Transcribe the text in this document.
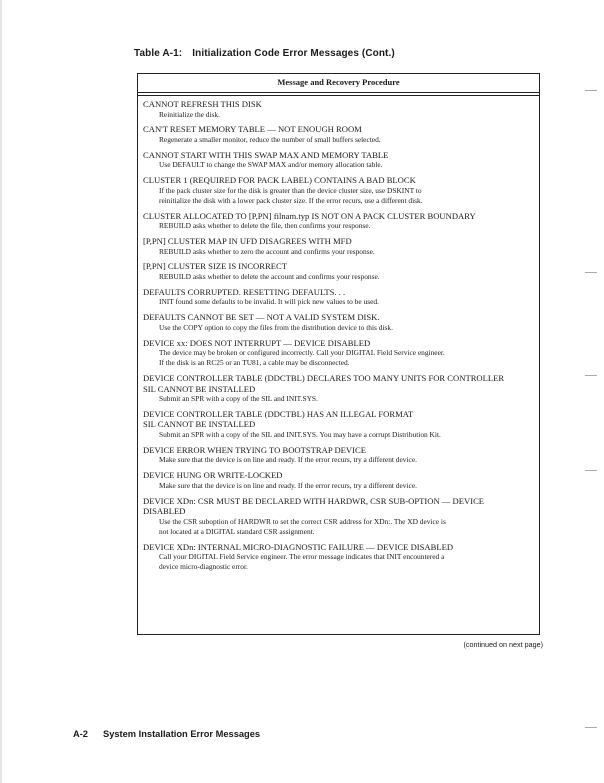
Table A-1: Initialization Code Error Messages (Cont.)
Message and Recovery Procedure
CANNOT REFRESH THIS DISK
Reinitialize the disk.
CAN'T RESET MEMORY TABLE — NOT ENOUGH ROOM
Regenerate a smaller monitor, reduce the number of small buffers selected.
CANNOT START WITH THIS SWAP MAX AND MEMORY TABLE
Use DEFAULT to change the SWAP MAX and/or memory allocation table.
CLUSTER 1 (REQUIRED FOR PACK LABEL) CONTAINS A BAD BLOCK
If the pack cluster size for the disk is greater than the device cluster size, use DSKINT to
reinitialize the disk with a lower pack cluster size. If the error recurs, use a different disk.
CLUSTER ALLOCATED TO [P,PN] filnam.typ IS NOT ON A PACK CLUSTER BOUNDARY
REBUILD asks whether to delete the file, then confirms your response.
[P,PN] CLUSTER MAP IN UFD DISAGREES WITH MFD
REBUILD asks whether to zero the account and confirms your response.
[P,PN] CLUSTER SIZE IS INCORRECT
REBUILD asks whether to delete the account and confirms your response.
DEFAULTS CORRUPTED. RESETTING DEFAULTS. . .
INIT found some defaults to be invalid. It will pick new values to be used.
DEFAULTS CANNOT BE SET — NOT A VALID SYSTEM DISK.
Use the COPY option to copy the files from the distribution device to this disk.
DEVICE xx: DOES NOT INTERRUPT — DEVICE DISABLED
The device may be broken or configured incorrectly. Call your DIGITAL Field Service engineer.
If the disk is an RC25 or an TU81, a cable may be disconnected.
DEVICE CONTROLLER TABLE (DDCTBL) DECLARES TOO MANY UNITS FOR CONTROLLER
SIL CANNOT BE INSTALLED
Submit an SPR with a copy of the SIL and INIT.SYS.
DEVICE CONTROLLER TABLE (DDCTBL) HAS AN ILLEGAL FORMAT
SIL CANNOT BE INSTALLED
Submit an SPR with a copy of the SIL and INIT.SYS. You may have a corrupt Distribution Kit.
DEVICE ERROR WHEN TRYING TO BOOTSTRAP DEVICE
Make sure that the device is on line and ready. If the error recurs, try a different device.
DEVICE HUNG OR WRITE-LOCKED
Make sure that the device is on line and ready. If the error recurs, try a different device.
DEVICE XDn: CSR MUST BE DECLARED WITH HARDWR, CSR SUB-OPTION — DEVICE
DISABLED
Use the CSR suboption of HARDWR to set the correct CSR address for XDn:. The XD device is
not located at a DIGITAL standard CSR assignment.
DEVICE XDn: INTERNAL MICRO-DIAGNOSTIC FAILURE — DEVICE DISABLED
Call your DIGITAL Field Service engineer. The error message indicates that INIT encountered a
device micro-diagnostic error.
(continued on next page)
A-2 System Installation Error Messages
